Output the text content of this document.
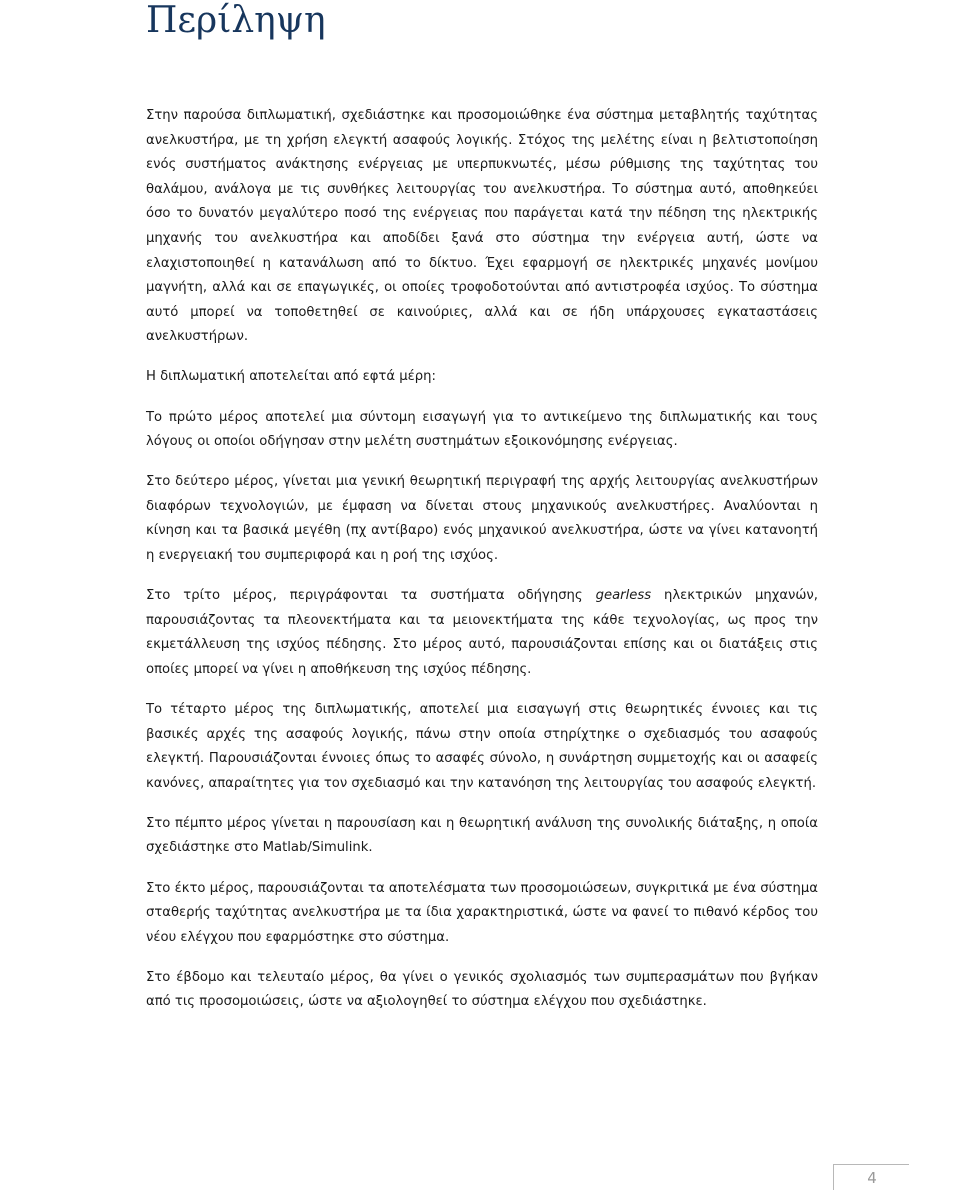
Περίληψη

Στην παρούσα διπλωματική, σχεδιάστηκε και προσομοιώθηκε ένα σύστημα μεταβλητής ταχύτητας ανελκυστήρα, με τη χρήση ελεγκτή ασαφούς λογικής. Στόχος της μελέτης είναι η βελτιστοποίηση ενός συστήματος ανάκτησης ενέργειας με υπερπυκνωτές, μέσω ρύθμισης της ταχύτητας του θαλάμου, ανάλογα με τις συνθήκες λειτουργίας του ανελκυστήρα. Το σύστημα αυτό, αποθηκεύει όσο το δυνατόν μεγαλύτερο ποσό της ενέργειας που παράγεται κατά την πέδηση της ηλεκτρικής μηχανής του ανελκυστήρα και αποδίδει ξανά στο σύστημα την ενέργεια αυτή, ώστε να ελαχιστοποιηθεί η κατανάλωση από το δίκτυο. Έχει εφαρμογή σε ηλεκτρικές μηχανές μονίμου μαγνήτη, αλλά και σε επαγωγικές, οι οποίες τροφοδοτούνται από αντιστροφέα ισχύος. Το σύστημα αυτό μπορεί να τοποθετηθεί σε καινούριες, αλλά και σε ήδη υπάρχουσες εγκαταστάσεις ανελκυστήρων.

Η διπλωματική αποτελείται από εφτά μέρη:

Το πρώτο μέρος αποτελεί μια σύντομη εισαγωγή για το αντικείμενο της διπλωματικής και τους λόγους οι οποίοι οδήγησαν στην μελέτη συστημάτων εξοικονόμησης ενέργειας.

Στο δεύτερο μέρος, γίνεται μια γενική θεωρητική περιγραφή της αρχής λειτουργίας ανελκυστήρων διαφόρων τεχνολογιών, με έμφαση να δίνεται στους μηχανικούς ανελκυστήρες. Αναλύονται η κίνηση και τα βασικά μεγέθη (πχ αντίβαρο) ενός μηχανικού ανελκυστήρα, ώστε να γίνει κατανοητή η ενεργειακή του συμπεριφορά και η ροή της ισχύος.

Στο τρίτο μέρος, περιγράφονται τα συστήματα οδήγησης gearless ηλεκτρικών μηχανών, παρουσιάζοντας τα πλεονεκτήματα και τα μειονεκτήματα της κάθε τεχνολογίας, ως προς την εκμετάλλευση της ισχύος πέδησης. Στο μέρος αυτό, παρουσιάζονται επίσης και οι διατάξεις στις οποίες μπορεί να γίνει η αποθήκευση της ισχύος πέδησης.

Το τέταρτο μέρος της διπλωματικής, αποτελεί μια εισαγωγή στις θεωρητικές έννοιες και τις βασικές αρχές της ασαφούς λογικής, πάνω στην οποία στηρίχτηκε ο σχεδιασμός του ασαφούς ελεγκτή. Παρουσιάζονται έννοιες όπως το ασαφές σύνολο, η συνάρτηση συμμετοχής και οι ασαφείς κανόνες, απαραίτητες για τον σχεδιασμό και την κατανόηση της λειτουργίας του ασαφούς ελεγκτή.

Στο πέμπτο μέρος γίνεται η παρουσίαση και η θεωρητική ανάλυση της συνολικής διάταξης, η οποία σχεδιάστηκε στο Matlab/Simulink.

Στο έκτο μέρος, παρουσιάζονται τα αποτελέσματα των προσομοιώσεων, συγκριτικά με ένα σύστημα σταθερής ταχύτητας ανελκυστήρα με τα ίδια χαρακτηριστικά, ώστε να φανεί το πιθανό κέρδος του νέου ελέγχου που εφαρμόστηκε στο σύστημα.

Στο έβδομο και τελευταίο μέρος, θα γίνει ο γενικός σχολιασμός των συμπερασμάτων που βγήκαν από τις προσομοιώσεις, ώστε να αξιολογηθεί το σύστημα ελέγχου που σχεδιάστηκε.

4
